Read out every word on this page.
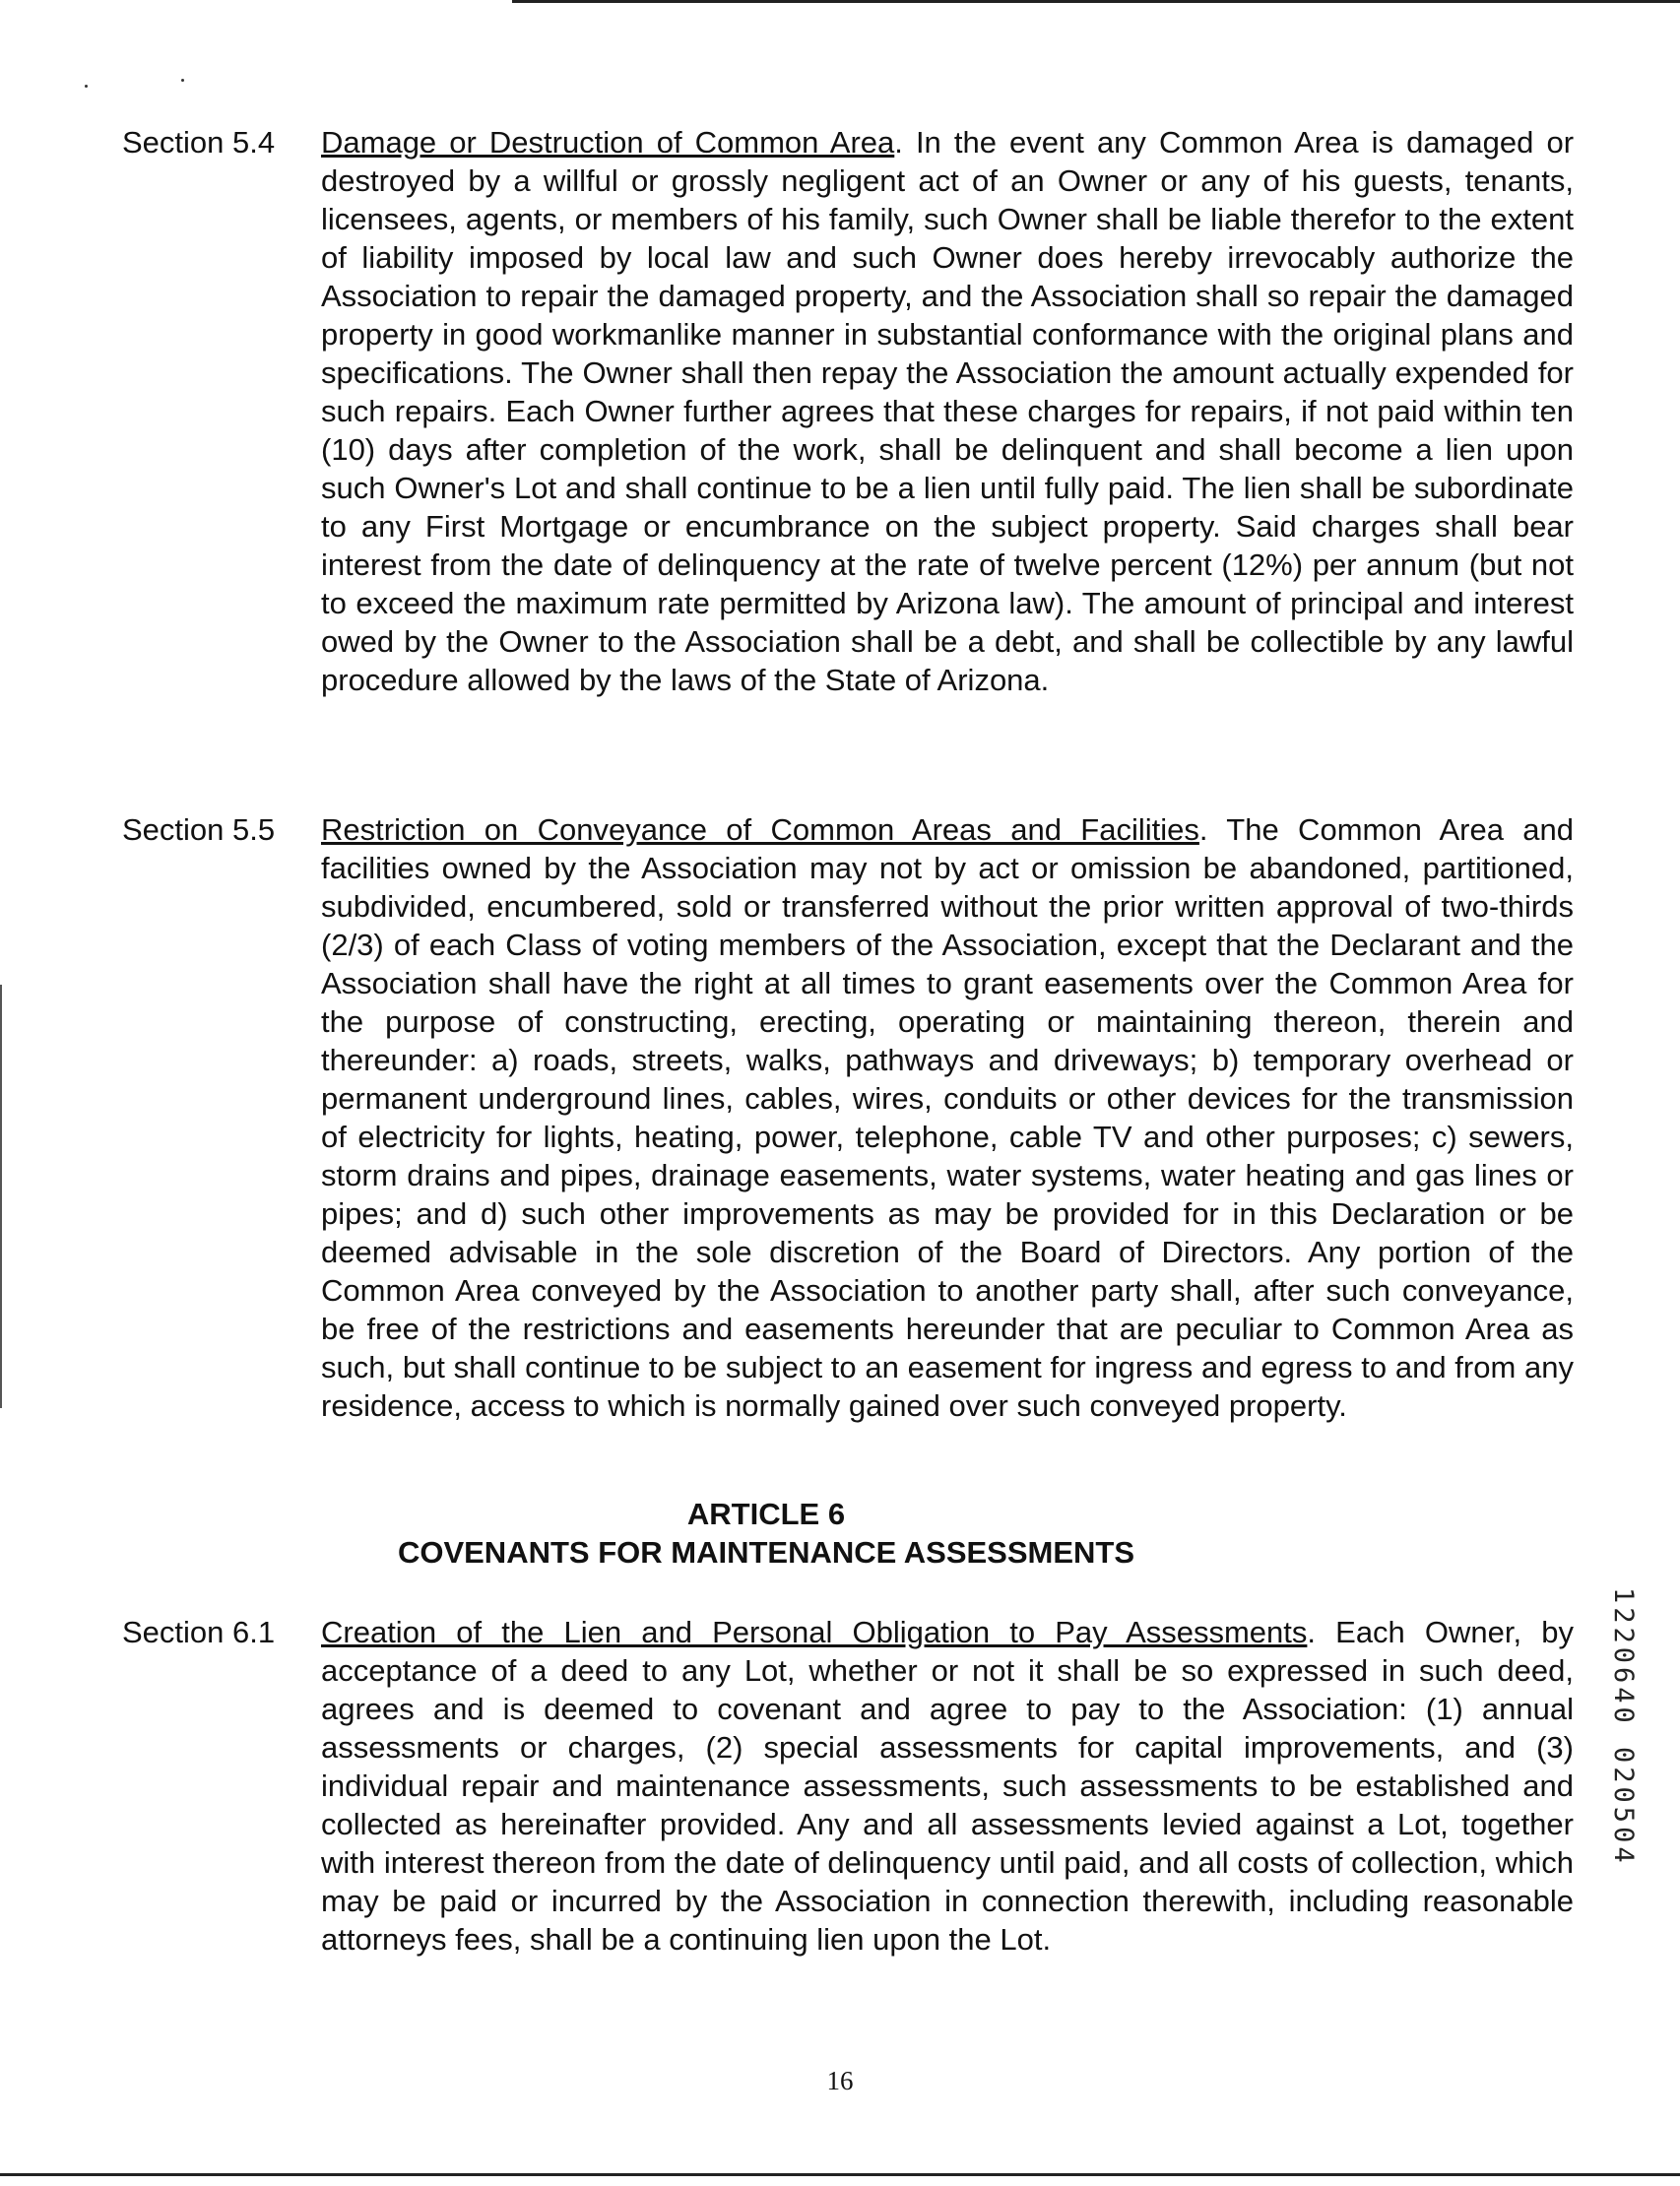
Section 5.4 Damage or Destruction of Common Area. In the event any Common Area is damaged or destroyed by a willful or grossly negligent act of an Owner or any of his guests, tenants, licensees, agents, or members of his family, such Owner shall be liable therefor to the extent of liability imposed by local law and such Owner does hereby irrevocably authorize the Association to repair the damaged property, and the Association shall so repair the damaged property in good workmanlike manner in substantial conformance with the original plans and specifications. The Owner shall then repay the Association the amount actually expended for such repairs. Each Owner further agrees that these charges for repairs, if not paid within ten (10) days after completion of the work, shall be delinquent and shall become a lien upon such Owner's Lot and shall continue to be a lien until fully paid. The lien shall be subordinate to any First Mortgage or encumbrance on the subject property. Said charges shall bear interest from the date of delinquency at the rate of twelve percent (12%) per annum (but not to exceed the maximum rate permitted by Arizona law). The amount of principal and interest owed by the Owner to the Association shall be a debt, and shall be collectible by any lawful procedure allowed by the laws of the State of Arizona.
Section 5.5 Restriction on Conveyance of Common Areas and Facilities. The Common Area and facilities owned by the Association may not by act or omission be abandoned, partitioned, subdivided, encumbered, sold or transferred without the prior written approval of two-thirds (2/3) of each Class of voting members of the Association, except that the Declarant and the Association shall have the right at all times to grant easements over the Common Area for the purpose of constructing, erecting, operating or maintaining thereon, therein and thereunder: a) roads, streets, walks, pathways and driveways; b) temporary overhead or permanent underground lines, cables, wires, conduits or other devices for the transmission of electricity for lights, heating, power, telephone, cable TV and other purposes; c) sewers, storm drains and pipes, drainage easements, water systems, water heating and gas lines or pipes; and d) such other improvements as may be provided for in this Declaration or be deemed advisable in the sole discretion of the Board of Directors. Any portion of the Common Area conveyed by the Association to another party shall, after such conveyance, be free of the restrictions and easements hereunder that are peculiar to Common Area as such, but shall continue to be subject to an easement for ingress and egress to and from any residence, access to which is normally gained over such conveyed property.
ARTICLE 6
COVENANTS FOR MAINTENANCE ASSESSMENTS
Section 6.1 Creation of the Lien and Personal Obligation to Pay Assessments. Each Owner, by acceptance of a deed to any Lot, whether or not it shall be so expressed in such deed, agrees and is deemed to covenant and agree to pay to the Association: (1) annual assessments or charges, (2) special assessments for capital improvements, and (3) individual repair and maintenance assessments, such assessments to be established and collected as hereinafter provided. Any and all assessments levied against a Lot, together with interest thereon from the date of delinquency until paid, and all costs of collection, which may be paid or incurred by the Association in connection therewith, including reasonable attorneys fees, shall be a continuing lien upon the Lot.
1220640 020504
16
